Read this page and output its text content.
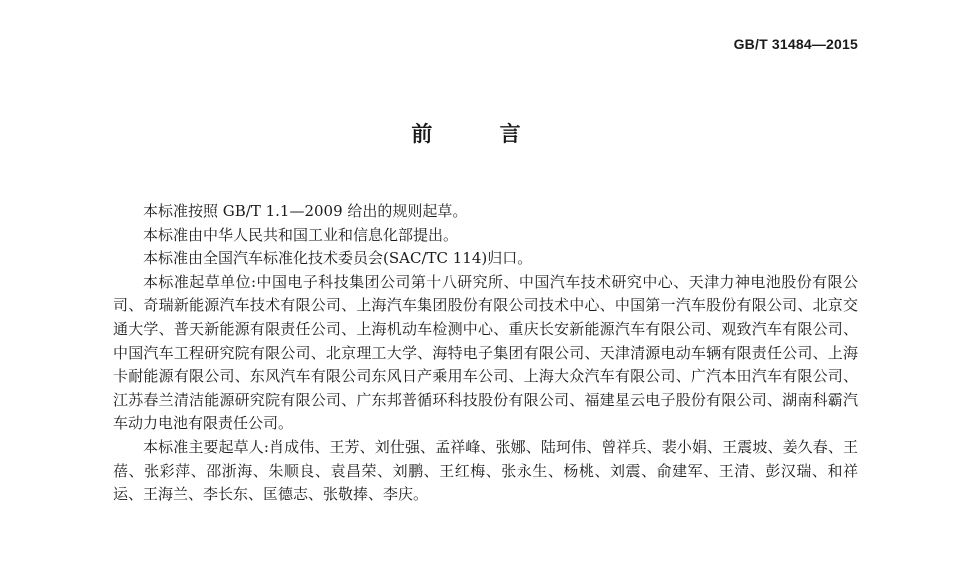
GB/T 31484—2015
前 言

本标准按照 GB/T 1.1—2009 给出的规则起草。

本标准由中华人民共和国工业和信息化部提出。

本标准由全国汽车标准化技术委员会(SAC/TC 114)归口。

本标准起草单位:中国电子科技集团公司第十八研究所、中国汽车技术研究中心、天津力神电池股份有限公司、奇瑞新能源汽车技术有限公司、上海汽车集团股份有限公司技术中心、中国第一汽车股份有限公司、北京交通大学、普天新能源有限责任公司、上海机动车检测中心、重庆长安新能源汽车有限公司、观致汽车有限公司、中国汽车工程研究院有限公司、北京理工大学、海特电子集团有限公司、天津清源电动车辆有限责任公司、上海卡耐能源有限公司、东风汽车有限公司东风日产乘用车公司、上海大众汽车有限公司、广汽本田汽车有限公司、江苏春兰清洁能源研究院有限公司、广东邦普循环科技股份有限公司、福建星云电子股份有限公司、湖南科霸汽车动力电池有限责任公司。

本标准主要起草人:肖成伟、王芳、刘仕强、孟祥峰、张娜、陆珂伟、曾祥兵、裴小娟、王震坡、姜久春、王蓓、张彩萍、邵浙海、朱顺良、袁昌荣、刘鹏、王红梅、张永生、杨桃、刘震、俞建军、王清、彭汉瑞、和祥运、王海兰、李长东、匡德志、张敬捧、李庆。
